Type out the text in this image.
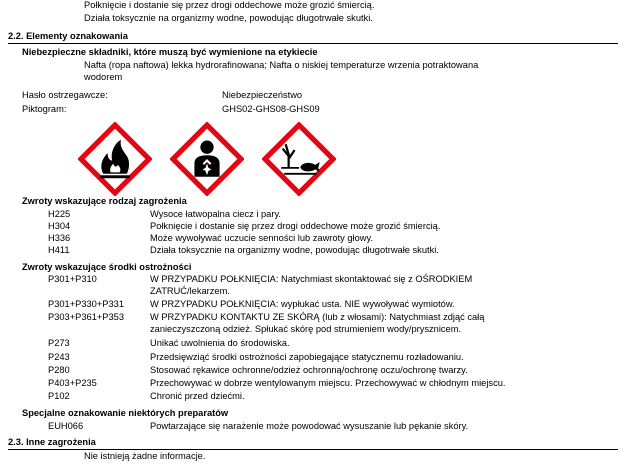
Połknięcie i dostanie się przez drogi oddechowe może grozić śmiercią.
Działa toksycznie na organizmy wodne, powodując długotrwałe skutki.
2.2. Elementy oznakowania
Niebezpieczne składniki, które muszą być wymienione na etykiecie
Nafta (ropa naftowa) lekka hydrorafinowana; Nafta o niskiej temperaturze wrzenia potraktowana
wodorem
Hasło ostrzegawcze:	Niebezpieczeństwo
Piktogram:	GHS02-GHS08-GHS09
Zwroty wskazujące rodzaj zagrożenia
H225	Wysoce łatwopalna ciecz i pary.
H304	Połknięcie i dostanie się przez drogi oddechowe może grozić śmiercią.
H336	Może wywoływać uczucie senności lub zawroty głowy.
H411	Działa toksycznie na organizmy wodne, powodując długotrwałe skutki.
Zwroty wskazujące środki ostrożności
P301+P310	W PRZYPADKU POŁKNIĘCIA: Natychmiast skontaktować się z OŚRODKIEM
ZATRUĆ/lekarzem.
P301+P330+P331	W PRZYPADKU POŁKNIĘCIA: wypłukać usta. NIE wywoływać wymiotów.
P303+P361+P353	W PRZYPADKU KONTAKTU ZE SKÓRĄ (lub z włosami): Natychmiast zdjąć całą
zanieczyszczoną odzież. Spłukać skórę pod strumieniem wody/prysznicem.
P273	Unikać uwolnienia do środowiska.
P243	Przedsięwziąć środki ostrożności zapobiegające statycznemu rozładowaniu.
P280	Stosować rękawice ochronne/odzież ochronną/ochronę oczu/ochronę twarzy.
P403+P235	Przechowywać w dobrze wentylowanym miejscu. Przechowywać w chłodnym miejscu.
P102	Chronić przed dziećmi.
Specjalne oznakowanie niektórych preparatów
EUH066	Powtarzające się narażenie może powodować wysuszanie lub pękanie skóry.
2.3. Inne zagrożenia
Nie istnieją żadne informacje.
